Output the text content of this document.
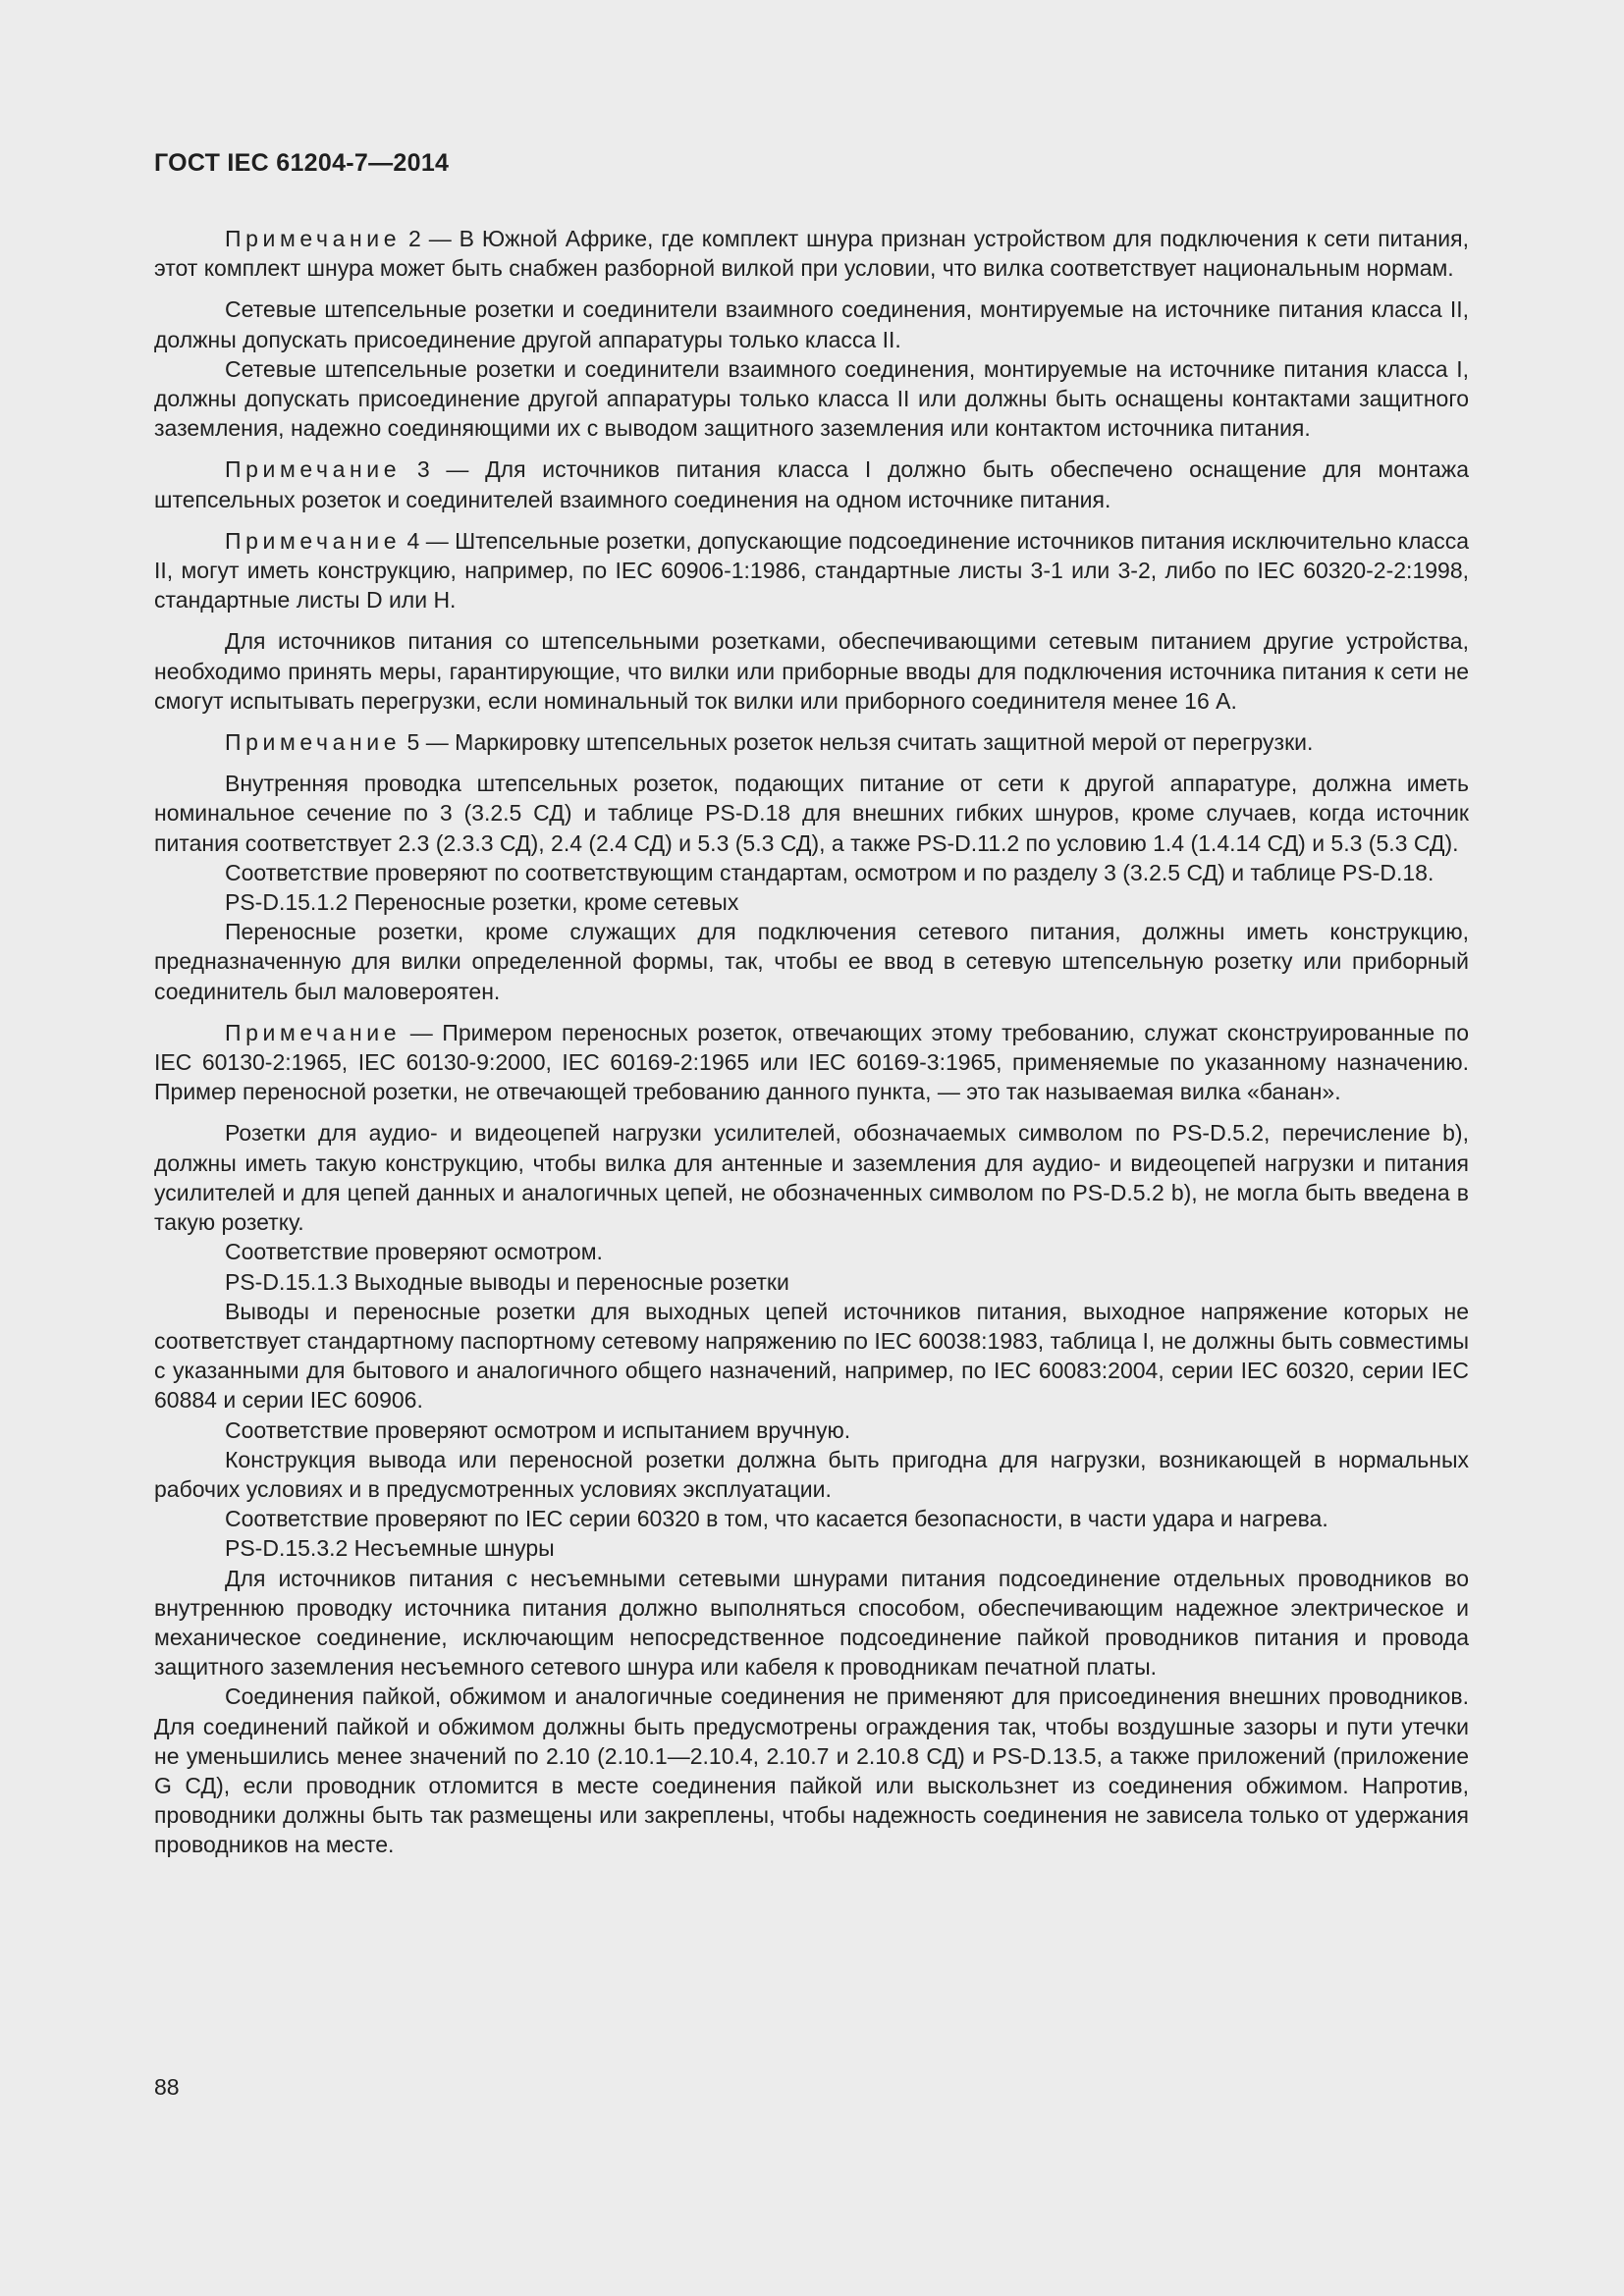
ГОСТ IEC 61204-7—2014

Примечание 2 — В Южной Африке, где комплект шнура признан устройством для подключения к сети питания, этот комплект шнура может быть снабжен разборной вилкой при условии, что вилка соответствует национальным нормам.

Сетевые штепсельные розетки и соединители взаимного соединения, монтируемые на источнике питания класса II, должны допускать присоединение другой аппаратуры только класса II.

Сетевые штепсельные розетки и соединители взаимного соединения, монтируемые на источнике питания класса I, должны допускать присоединение другой аппаратуры только класса II или должны быть оснащены контактами защитного заземления, надежно соединяющими их с выводом защитного заземления или контактом источника питания.

Примечание 3 — Для источников питания класса I должно быть обеспечено оснащение для монтажа штепсельных розеток и соединителей взаимного соединения на одном источнике питания.

Примечание 4 — Штепсельные розетки, допускающие подсоединение источников питания исключительно класса II, могут иметь конструкцию, например, по IEC 60906-1:1986, стандартные листы 3-1 или 3-2, либо по IEC 60320-2-2:1998, стандартные листы D или H.

Для источников питания со штепсельными розетками, обеспечивающими сетевым питанием другие устройства, необходимо принять меры, гарантирующие, что вилки или приборные вводы для подключения источника питания к сети не смогут испытывать перегрузки, если номинальный ток вилки или приборного соединителя менее 16 А.

Примечание 5 — Маркировку штепсельных розеток нельзя считать защитной мерой от перегрузки.

Внутренняя проводка штепсельных розеток, подающих питание от сети к другой аппаратуре, должна иметь номинальное сечение по 3 (3.2.5 СД) и таблице PS-D.18 для внешних гибких шнуров, кроме случаев, когда источник питания соответствует 2.3 (2.3.3 СД), 2.4 (2.4 СД) и 5.3 (5.3 СД), а также PS-D.11.2 по условию 1.4 (1.4.14 СД) и 5.3 (5.3 СД).

Соответствие проверяют по соответствующим стандартам, осмотром и по разделу 3 (3.2.5 СД) и таблице PS-D.18.

PS-D.15.1.2 Переносные розетки, кроме сетевых

Переносные розетки, кроме служащих для подключения сетевого питания, должны иметь конструкцию, предназначенную для вилки определенной формы, так, чтобы ее ввод в сетевую штепсельную розетку или приборный соединитель был маловероятен.

Примечание — Примером переносных розеток, отвечающих этому требованию, служат сконструированные по IEC 60130-2:1965, IEC 60130-9:2000, IEC 60169-2:1965 или IEC 60169-3:1965, применяемые по указанному назначению. Пример переносной розетки, не отвечающей требованию данного пункта, — это так называемая вилка «банан».

Розетки для аудио- и видеоцепей нагрузки усилителей, обозначаемых символом по PS-D.5.2, перечисление b), должны иметь такую конструкцию, чтобы вилка для антенные и заземления для аудио- и видеоцепей нагрузки и питания усилителей и для цепей данных и аналогичных цепей, не обозначенных символом по PS-D.5.2 b), не могла быть введена в такую розетку.

Соответствие проверяют осмотром.

PS-D.15.1.3 Выходные выводы и переносные розетки

Выводы и переносные розетки для выходных цепей источников питания, выходное напряжение которых не соответствует стандартному паспортному сетевому напряжению по IEC 60038:1983, таблица I, не должны быть совместимы с указанными для бытового и аналогичного общего назначений, например, по IEC 60083:2004, серии IEC 60320, серии IEC 60884 и серии IEC 60906.

Соответствие проверяют осмотром и испытанием вручную.

Конструкция вывода или переносной розетки должна быть пригодна для нагрузки, возникающей в нормальных рабочих условиях и в предусмотренных условиях эксплуатации.

Соответствие проверяют по IEC серии 60320 в том, что касается безопасности, в части удара и нагрева.

PS-D.15.3.2 Несъемные шнуры

Для источников питания с несъемными сетевыми шнурами питания подсоединение отдельных проводников во внутреннюю проводку источника питания должно выполняться способом, обеспечивающим надежное электрическое и механическое соединение, исключающим непосредственное подсоединение пайкой проводников питания и провода защитного заземления несъемного сетевого шнура или кабеля к проводникам печатной платы.

Соединения пайкой, обжимом и аналогичные соединения не применяют для присоединения внешних проводников. Для соединений пайкой и обжимом должны быть предусмотрены ограждения так, чтобы воздушные зазоры и пути утечки не уменьшились менее значений по 2.10 (2.10.1—2.10.4, 2.10.7 и 2.10.8 СД) и PS-D.13.5, а также приложений (приложение G СД), если проводник отломится в месте соединения пайкой или выскользнет из соединения обжимом. Напротив, проводники должны быть так размещены или закреплены, чтобы надежность соединения не зависела только от удержания проводников на месте.

88
